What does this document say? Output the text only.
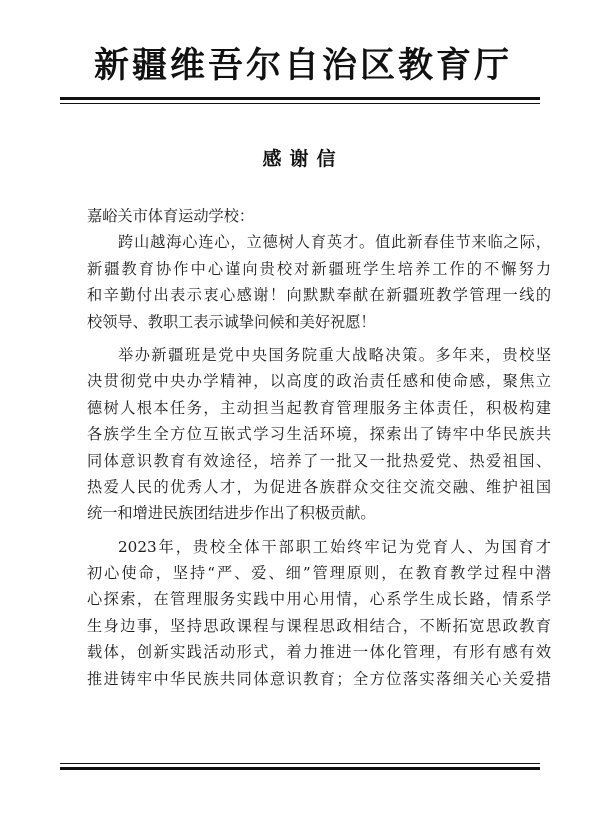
新疆维吾尔自治区教育厅
感谢信
嘉峪关市体育运动学校：
跨山越海心连心，立德树人育英才。值此新春佳节来临之际，
新疆教育协作中心谨向贵校对新疆班学生培养工作的不懈努力
和辛勤付出表示衷心感谢！向默默奉献在新疆班教学管理一线的
校领导、教职工表示诚挚问候和美好祝愿！
举办新疆班是党中央国务院重大战略决策。多年来，贵校坚
决贯彻党中央办学精神，以高度的政治责任感和使命感，聚焦立
德树人根本任务，主动担当起教育管理服务主体责任，积极构建
各族学生全方位互嵌式学习生活环境，探索出了铸牢中华民族共
同体意识教育有效途径，培养了一批又一批热爱党、热爱祖国、
热爱人民的优秀人才，为促进各族群众交往交流交融、维护祖国
统一和增进民族团结进步作出了积极贡献。
2023年，贵校全体干部职工始终牢记为党育人、为国育才
初心使命，坚持“严、爱、细”管理原则，在教育教学过程中潜
心探索，在管理服务实践中用心用情，心系学生成长路，情系学
生身边事，坚持思政课程与课程思政相结合，不断拓宽思政教育
载体，创新实践活动形式，着力推进一体化管理，有形有感有效
推进铸牢中华民族共同体意识教育；全方位落实落细关心关爱措
